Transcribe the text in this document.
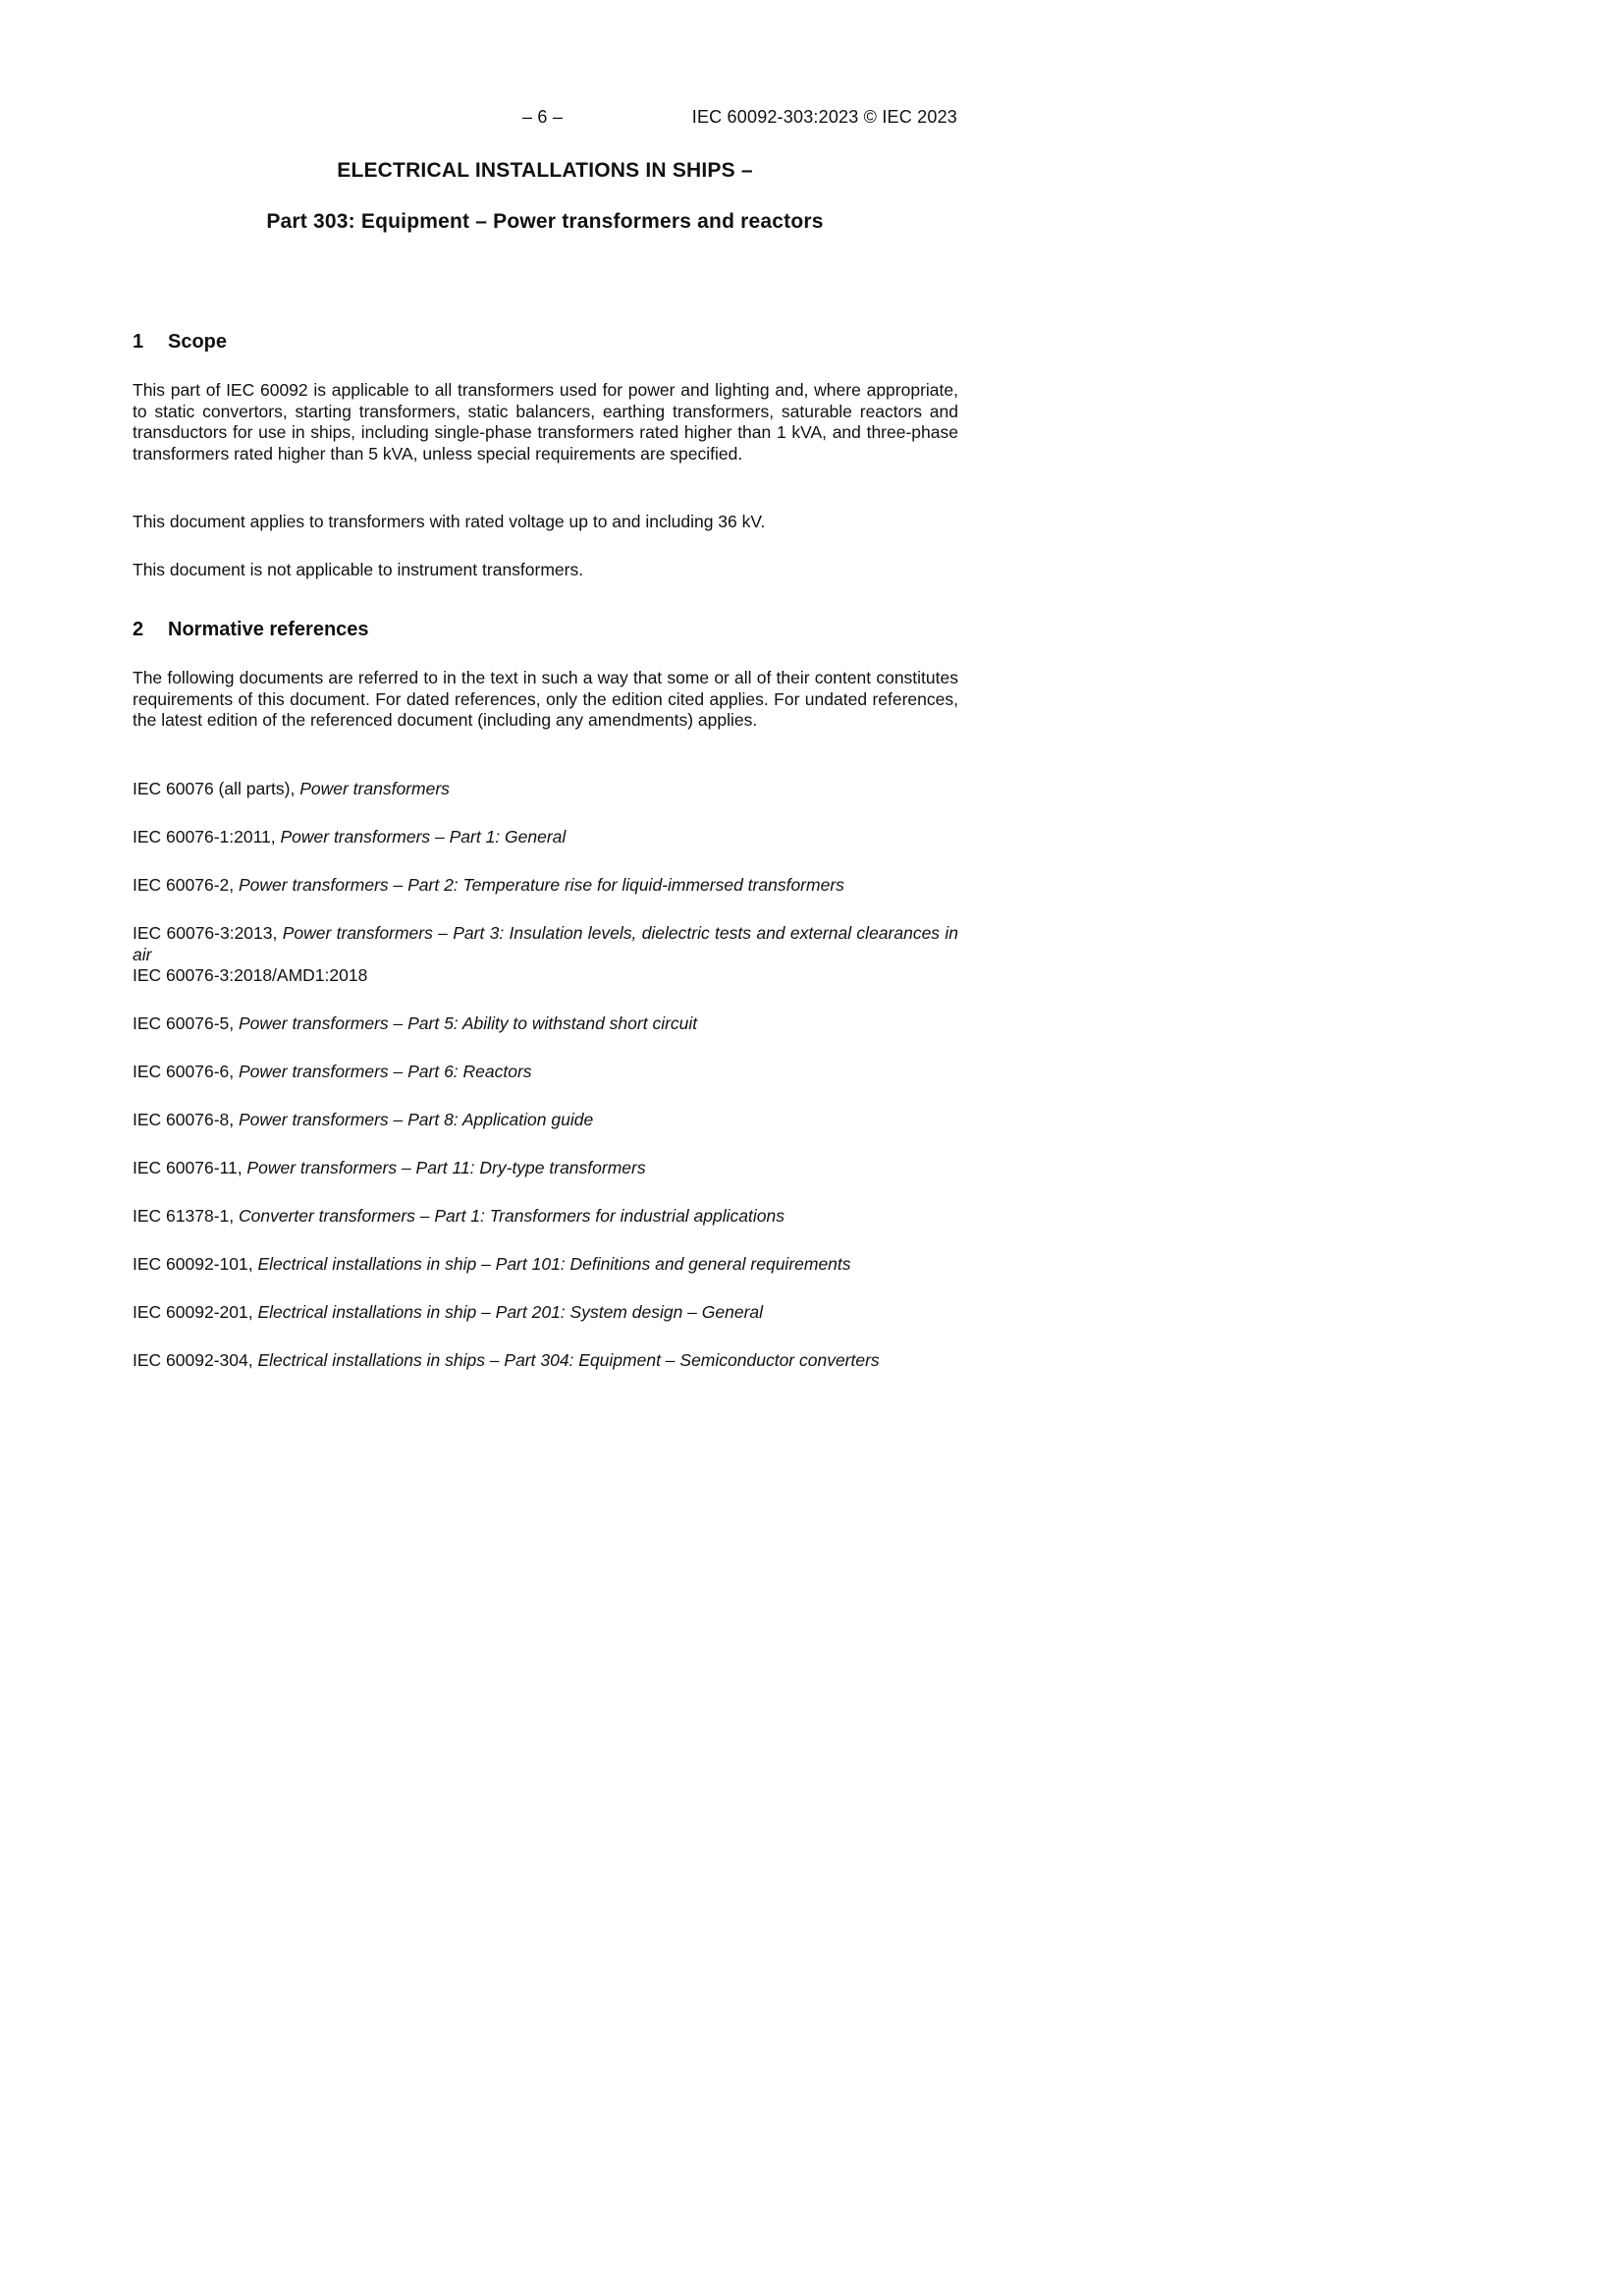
– 6 –	IEC 60092-303:2023 © IEC 2023
ELECTRICAL INSTALLATIONS IN SHIPS –
Part 303: Equipment – Power transformers and reactors
1 Scope
This part of IEC 60092 is applicable to all transformers used for power and lighting and, where appropriate, to static convertors, starting transformers, static balancers, earthing transformers, saturable reactors and transductors for use in ships, including single-phase transformers rated higher than 1 kVA, and three-phase transformers rated higher than 5 kVA, unless special requirements are specified.
This document applies to transformers with rated voltage up to and including 36 kV.
This document is not applicable to instrument transformers.
2 Normative references
The following documents are referred to in the text in such a way that some or all of their content constitutes requirements of this document. For dated references, only the edition cited applies. For undated references, the latest edition of the referenced document (including any amendments) applies.
IEC 60076 (all parts), Power transformers
IEC 60076-1:2011, Power transformers – Part 1: General
IEC 60076-2, Power transformers – Part 2: Temperature rise for liquid-immersed transformers
IEC 60076-3:2013, Power transformers – Part 3: Insulation levels, dielectric tests and external clearances in air
IEC 60076-3:2018/AMD1:2018
IEC 60076-5, Power transformers – Part 5: Ability to withstand short circuit
IEC 60076-6, Power transformers – Part 6: Reactors
IEC 60076-8, Power transformers – Part 8: Application guide
IEC 60076-11, Power transformers – Part 11: Dry-type transformers
IEC 61378-1, Converter transformers – Part 1: Transformers for industrial applications
IEC 60092-101, Electrical installations in ship – Part 101: Definitions and general requirements
IEC 60092-201, Electrical installations in ship – Part 201: System design – General
IEC 60092-304, Electrical installations in ships – Part 304: Equipment – Semiconductor converters
